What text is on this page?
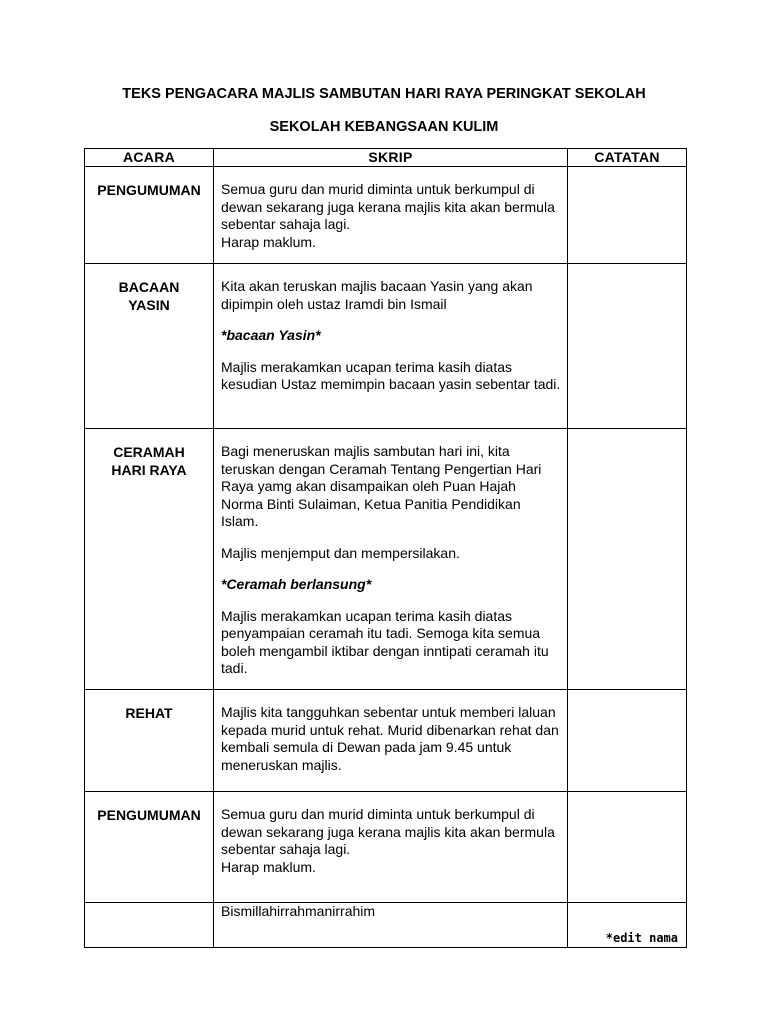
TEKS PENGACARA MAJLIS SAMBUTAN HARI RAYA PERINGKAT SEKOLAH

SEKOLAH KEBANGSAAN KULIM

ACARA	SKRIP	CATATAN
PENGUMUMAN	Semua guru dan murid diminta untuk berkumpul di dewan sekarang juga kerana majlis kita akan bermula sebentar sahaja lagi.

Harap maklum.	

BACAAN YASIN	Kita akan teruskan majlis bacaan Yasin yang akan dipimpin oleh ustaz Iramdi bin Ismail

*bacaan Yasin*

Majlis merakamkan ucapan terima kasih diatas kesudian Ustaz memimpin bacaan yasin sebentar tadi.	

CERAMAH HARI RAYA	Bagi meneruskan majlis sambutan hari ini, kita teruskan dengan Ceramah Tentang Pengertian Hari Raya yamg akan disampaikan oleh Puan Hajah Norma Binti Sulaiman, Ketua Panitia Pendidikan Islam.

Majlis menjemput dan mempersilakan.

*Ceramah berlansung*

Majlis merakamkan ucapan terima kasih diatas penyampaian ceramah itu tadi. Semoga kita semua boleh mengambil iktibar dengan inntipati ceramah itu tadi.	

REHAT	Majlis kita tangguhkan sebentar untuk memberi laluan kepada murid untuk rehat. Murid dibenarkan rehat dan kembali semula di Dewan pada jam 9.45 untuk meneruskan majlis.	

PENGUMUMAN	Semua guru dan murid diminta untuk berkumpul di dewan sekarang juga kerana majlis kita akan bermula sebentar sahaja lagi.

Harap maklum.	

	Bismillahirrahmanirrahim	*edit nama
